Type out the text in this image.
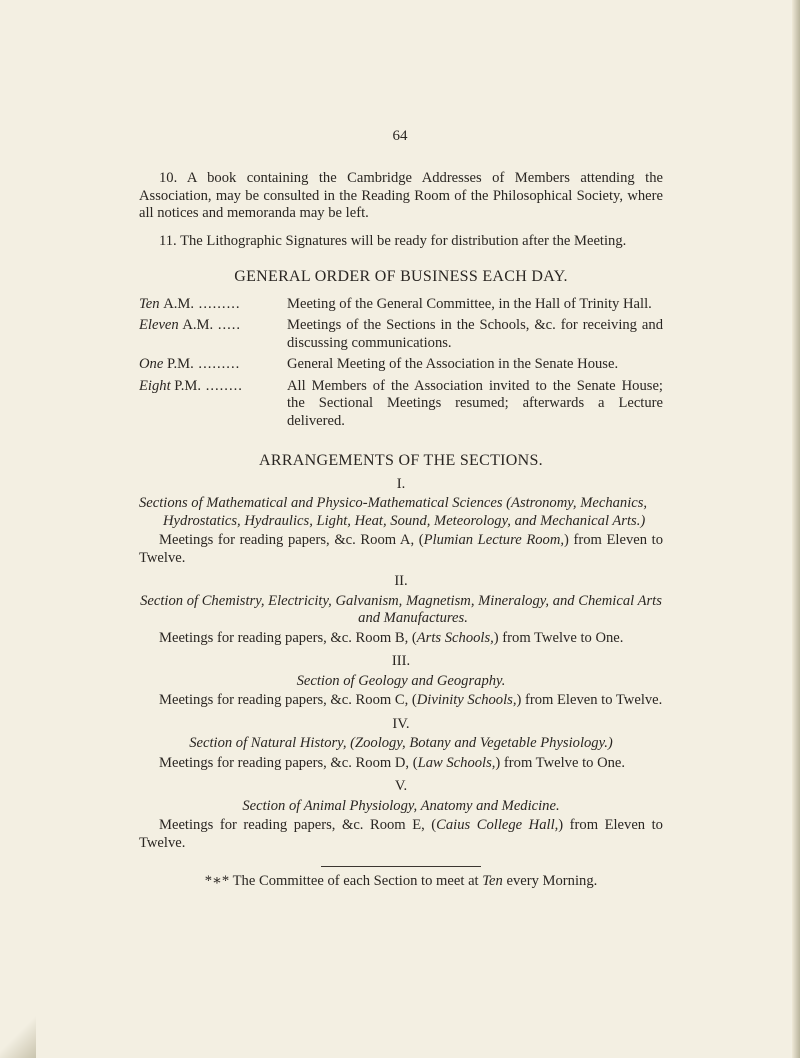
64

10. A book containing the Cambridge Addresses of Members attending the Association, may be consulted in the Reading Room of the Philosophical Society, where all notices and memoranda may be left.

11. The Lithographic Signatures will be ready for distribution after the Meeting.

GENERAL ORDER OF BUSINESS EACH DAY.
Ten A.M. .........	Meeting of the General Committee, in the Hall of Trinity Hall.
Eleven A.M. .....	Meetings of the Sections in the Schools, &c. for receiving and discussing communications.
One P.M. .........	General Meeting of the Association in the Senate House.
Eight P.M. ........	All Members of the Association invited to the Senate House; the Sectional Meetings resumed; afterwards a Lecture delivered.
ARRANGEMENTS OF THE SECTIONS.
I.
Sections of Mathematical and Physico-Mathematical Sciences (Astronomy, Mechanics, Hydrostatics, Hydraulics, Light, Heat, Sound, Meteorology, and Mechanical Arts.)

Meetings for reading papers, &c. Room A, (Plumian Lecture Room,) from Eleven to Twelve.

II.
Section of Chemistry, Electricity, Galvanism, Magnetism, Mineralogy, and Chemical Arts and Manufactures.

Meetings for reading papers, &c. Room B, (Arts Schools,) from Twelve to One.

III.
Section of Geology and Geography.

Meetings for reading papers, &c. Room C, (Divinity Schools,) from Eleven to Twelve.

IV.
Section of Natural History, (Zoology, Botany and Vegetable Physiology.)

Meetings for reading papers, &c. Room D, (Law Schools,) from Twelve to One.

V.
Section of Animal Physiology, Anatomy and Medicine.

Meetings for reading papers, &c. Room E, (Caius College Hall,) from Eleven to Twelve.

*∗* The Committee of each Section to meet at Ten every Morning.
